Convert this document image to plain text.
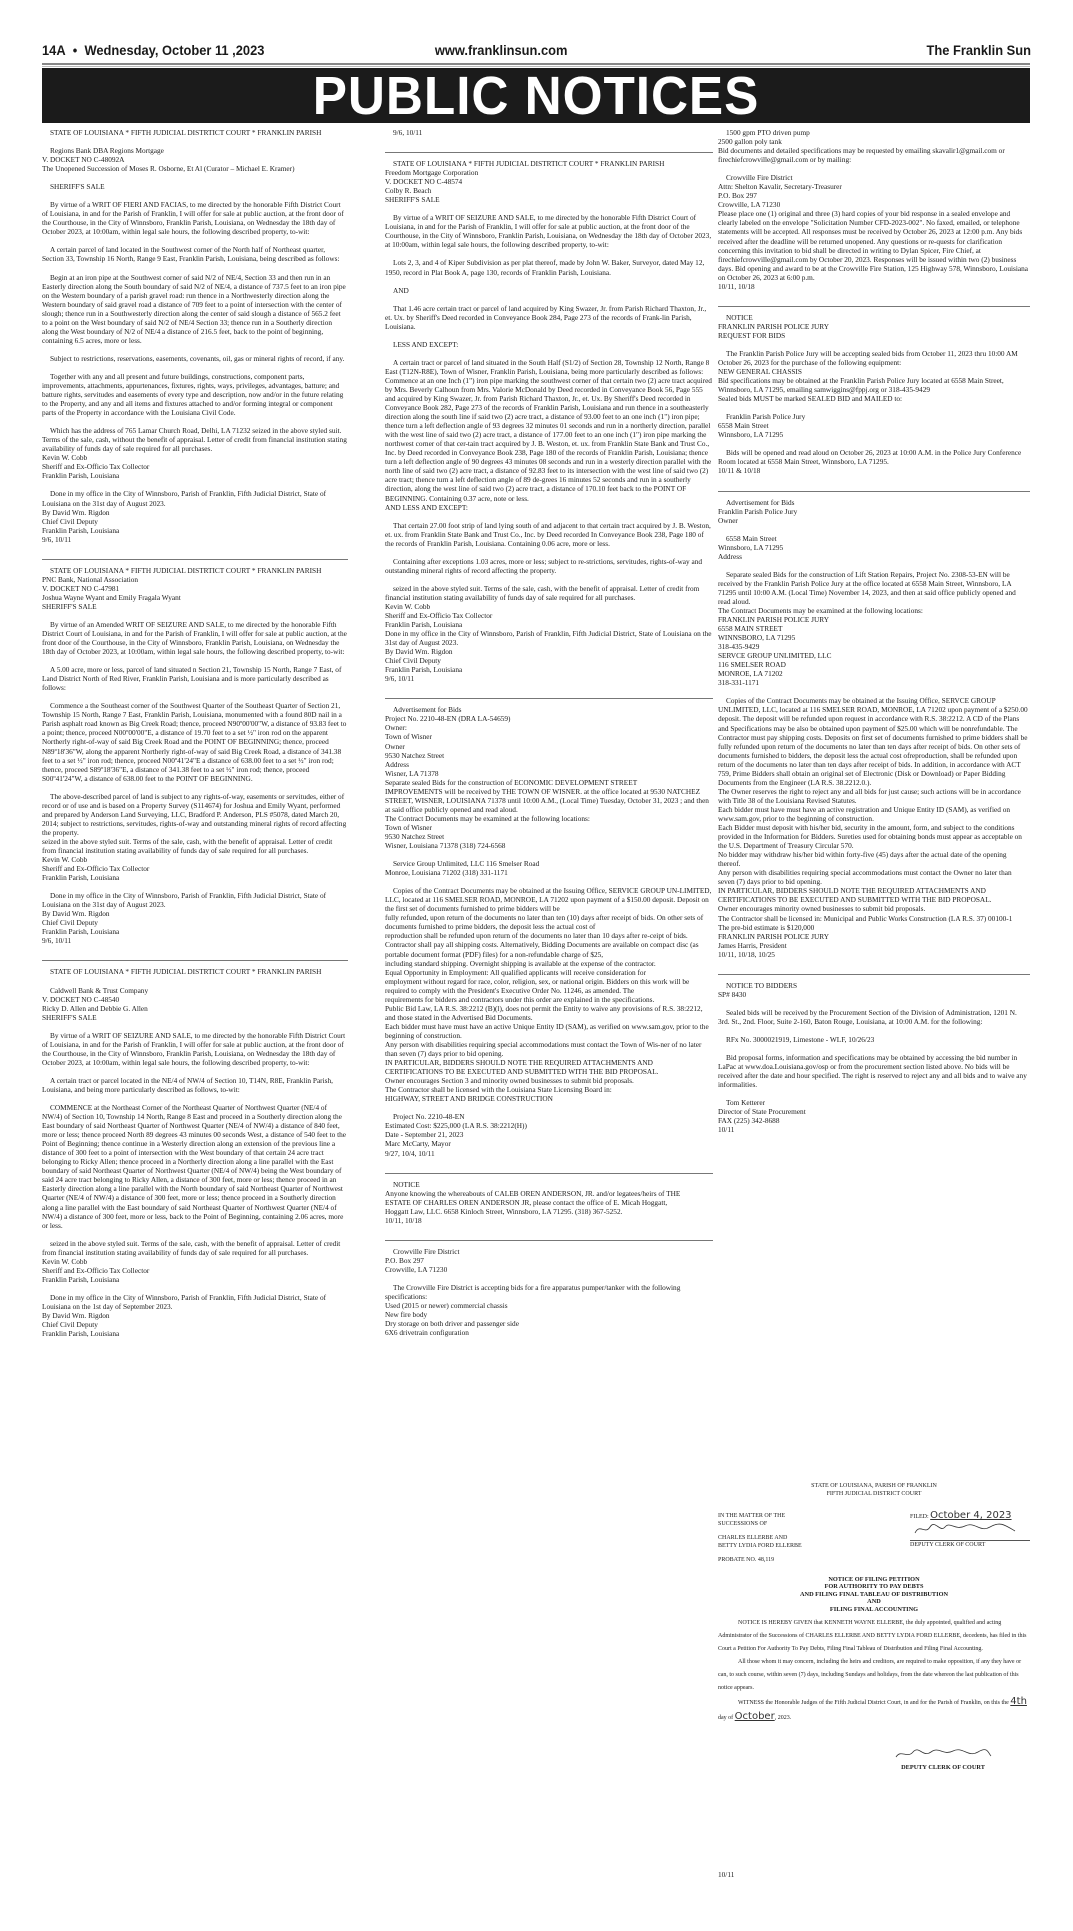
14A • Wednesday, October 11 ,2023	www.franklinsun.com	The Franklin Sun
PUBLIC NOTICES

STATE OF LOUISIANA * FIFTH JUDICIAL DISTRTICT COURT * FRANKLIN PARISH

Regions Bank DBA Regions Mortgage
V. DOCKET NO C-48092A
The Unopened Succession of Moses R. Osborne, Et Al (Curator – Michael E. Kramer)

SHERIFF'S SALE

By virtue of a WRIT OF FIERI AND FACIAS, to me directed by the honorable Fifth District Court of Louisiana, in and for the Parish of Franklin, I will offer for sale at public auction, at the front door of the Courthouse, in the City of Winnsboro, Franklin Parish, Louisiana, on Wednesday the 18th day of October 2023, at 10:00am, within legal sale hours, the following described property, to-wit:

A certain parcel of land located in the Southwest corner of the North half of Northeast quarter, Section 33, Township 16 North, Range 9 East, Franklin Parish, Louisiana, being described as follows:

Begin at an iron pipe at the Southwest corner of said N/2 of NE/4, Section 33 and then run in an Easterly direction along the South boundary of said N/2 of NE/4, a distance of 737.5 feet to an iron pipe on the Western boundary of a parish gravel road: run thence in a Northwesterly direction along the Western boundary of said gravel road a distance of 709 feet to a point of intersection with the center of slough; thence run in a Southwesterly direction along the center of said slough a distance of 565.2 feet to a point on the West boundary of said N/2 of NE/4 Section 33; thence run in a Southerly direction along the West boundary of N/2 of NE/4 a distance of 216.5 feet, back to the point of beginning, containing 6.5 acres, more or less.

Subject to restrictions, reservations, easements, covenants, oil, gas or mineral rights of record, if any.

Together with any and all present and future buildings, constructions, component parts, improvements, attachments, appurtenances, fixtures, rights, ways, privileges, advantages, batture; and batture rights, servitudes and easements of every type and description, now and/or in the future relating to the Property, and any and all items and fixtures attached to and/or forming integral or component parts of the Property in accordance with the Louisiana Civil Code.

Which has the address of 765 Lamar Church Road, Delhi, LA 71232 seized in the above styled suit. Terms of the sale, cash, without the benefit of appraisal. Letter of credit from financial institution stating availability of funds day of sale required for all purchases.
Kevin W. Cobb
Sheriff and Ex-Officio Tax Collector
Franklin Parish, Louisiana

Done in my office in the City of Winnsboro, Parish of Franklin, Fifth Judicial District, State of Louisiana on the 31st day of August 2023.
By David Wm. Rigdon
Chief Civil Deputy
Franklin Parish, Louisiana
9/6, 10/11

STATE OF LOUISIANA * FIFTH JUDICIAL DISTRTICT COURT * FRANKLIN PARISH
PNC Bank, National Association
V. DOCKET NO C-47981
Joshua Wayne Wyant and Emily Fragala Wyant
SHERIFF'S SALE

By virtue of an Amended WRIT OF SEIZURE AND SALE, to me directed by the honorable Fifth District Court of Louisiana, in and for the Parish of Franklin, I will offer for sale at public auction, at the front door of the Courthouse, in the City of Winnsboro, Franklin Parish, Louisiana, on Wednesday the 18th day of October 2023, at 10:00am, within legal sale hours, the following described property, to-wit:

A 5.00 acre, more or less, parcel of land situated n Section 21, Township 15 North, Range 7 East, of Land District North of Red River, Franklin Parish, Louisiana and is more particularly described as follows:

Commence a the Southeast corner of the Southwest Quarter of the Southeast Quarter of Section 21, Township 15 North, Range 7 East, Franklin Parish, Louisiana, monumented with a found 80D nail in a Parish asphalt road known as Big Creek Road; thence, proceed N90º00'00"W, a distance of 93.83 feet to a point; thence, proceed N00º00'00"E, a distance of 19.70 feet to a set ½" iron rod on the apparent Northerly right-of-way of said Big Creek Road and the POINT OF BEGINNING; thence, proceed N89º18'36"W, along the apparent Northerly right-of-way of said Big Creek Road, a distance of 341.38 feet to a set ½" iron rod; thence, proceed N00º41'24"E a distance of 638.00 feet to a set ½" iron rod; thence, proceed S89º18'36"E, a distance of 341.38 feet to a set ½" iron rod; thence, proceed S00º41'24"W, a distance of 638.00 feet to the POINT OF BEGINNING.

The above-described parcel of land is subject to any rights-of-way, easements or servitudes, either of record or of use and is based on a Property Survey (S114674) for Joshua and Emily Wyant, performed and prepared by Anderson Land Surveying, LLC, Bradford P. Anderson, PLS #5078, dated March 20, 2014; subject to restrictions, servitudes, rights-of-way and outstanding mineral rights of record affecting the property.
seized in the above styled suit. Terms of the sale, cash, with the benefit of appraisal. Letter of credit from financial institution stating availability of funds day of sale required for all purchases.
Kevin W. Cobb
Sheriff and Ex-Officio Tax Collector
Franklin Parish, Louisiana

Done in my office in the City of Winnsboro, Parish of Franklin, Fifth Judicial District, State of Louisiana on the 31st day of August 2023.
By David Wm. Rigdon
Chief Civil Deputy
Franklin Parish, Louisiana
9/6, 10/11

STATE OF LOUISIANA * FIFTH JUDICIAL DISTRTICT COURT * FRANKLIN PARISH

Caldwell Bank & Trust Company
V. DOCKET NO C-48540
Ricky D. Allen and Debbie G. Allen
SHERIFF'S SALE

By virtue of a WRIT OF SEIZURE AND SALE, to me directed by the honorable Fifth District Court of Louisiana, in and for the Parish of Franklin, I will offer for sale at public auction, at the front door of the Courthouse, in the City of Winnsboro, Franklin Parish, Louisiana, on Wednesday the 18th day of October 2023, at 10:00am, within legal sale hours, the following described property, to-wit:

A certain tract or parcel located in the NE/4 of NW/4 of Section 10, T14N, R8E, Franklin Parish, Louisiana, and being more particularly described as follows, to-wit:

COMMENCE at the Northeast Corner of the Northeast Quarter of Northwest Quarter (NE/4 of NW/4) of Section 10, Township 14 North, Range 8 East and proceed in a Southerly direction along the East boundary of said Northeast Quarter of Northwest Quarter (NE/4 of NW/4) a distance of 840 feet, more or less; thence proceed North 89 degrees 43 minutes 00 seconds West, a distance of 540 feet to the Point of Beginning; thence continue in a Westerly direction along an extension of the previous line a distance of 300 feet to a point of intersection with the West boundary of that certain 24 acre tract belonging to Ricky Allen; thence proceed in a Northerly direction along a line parallel with the East boundary of said Northeast Quarter of Northwest Quarter (NE/4 of NW/4) being the West boundary of said 24 acre tract belonging to Ricky Allen, a distance of 300 feet, more or less; thence proceed in an Easterly direction along a line parallel with the North boundary of said Northeast Quarter of Northwest Quarter (NE/4 of NW/4) a distance of 300 feet, more or less; thence proceed in a Southerly direction along a line parallel with the East boundary of said Northeast Quarter of Northwest Quarter (NE/4 of NW/4) a distance of 300 feet, more or less, back to the Point of Beginning, containing 2.06 acres, more or less.

seized in the above styled suit. Terms of the sale, cash, with the benefit of appraisal. Letter of credit from financial institution stating availability of funds day of sale required for all purchases.
Kevin W. Cobb
Sheriff and Ex-Officio Tax Collector
Franklin Parish, Louisiana

Done in my office in the City of Winnsboro, Parish of Franklin, Fifth Judicial District, State of Louisiana on the 1st day of September 2023.
By David Wm. Rigdon
Chief Civil Deputy
Franklin Parish, Louisiana

9/6, 10/11

STATE OF LOUISIANA * FIFTH JUDICIAL DISTRTICT COURT * FRANKLIN PARISH
Freedom Mortgage Corporation
V. DOCKET NO C-48574
Colby R. Beach
SHERIFF'S SALE

By virtue of a WRIT OF SEIZURE AND SALE, to me directed by the honorable Fifth District Court of Louisiana, in and for the Parish of Franklin, I will offer for sale at public auction, at the front door of the Courthouse, in the City of Winnsboro, Franklin Parish, Louisiana, on Wednesday the 18th day of October 2023, at 10:00am, within legal sale hours, the following described property, to-wit:

Lots 2, 3, and 4 of Kiper Subdivision as per plat thereof, made by John W. Baker, Surveyor, dated May 12, 1950, record in Plat Book A, page 130, records of Franklin Parish, Louisiana.

AND

That 1.46 acre certain tract or parcel of land acquired by King Swazer, Jr. from Parish Richard Thaxton, Jr., et. Ux. by Sheriff's Deed recorded in Conveyance Book 284, Page 273 of the records of Frank-lin Parish, Louisiana.

LESS AND EXCEPT:

A certain tract or parcel of land situated in the South Half (S1/2) of Section 28, Township 12 North, Range 8 East (T12N-R8E), Town of Wisner, Franklin Parish, Louisiana, being more particularly described as follows: Commence at an one Inch (1") iron pipe marking the southwest corner of that certain two (2) acre tract acquired by Mrs. Beverly Calhoun from Mrs. Valorie McDonald by Deed recorded in Conveyance Book 56, Page 555 and acquired by King Swazer, Jr. from Parish Richard Thaxton, Jr., et. Ux. By Sheriff's Deed recorded in Conveyance Book 282, Page 273 of the records of Franklin Parish, Louisiana and run thence in a southeasterly direction along the south line if said two (2) acre tract, a distance of 93.00 feet to an one inch (1") iron pipe; thence turn a left deflection angle of 93 degrees 32 minutes 01 seconds and run in a northerly direction, parallel with the west line of said two (2) acre tract, a distance of 177.00 feet to an one inch (1") iron pipe marking the northwest corner of that cer-tain tract acquired by J. B. Weston, et. ux. from Franklin State Bank and Trust Co., Inc. by Deed recorded in Conveyance Book 238, Page 180 of the records of Franklin Parish, Louisiana; thence turn a left deflection angle of 90 degrees 43 minutes 08 seconds and run in a westerly direction parallel with the north line of said two (2) acre tract, a distance of 92.83 feet to its intersection with the west line of said two (2) acre tract; thence turn a left deflection angle of 89 de-grees 16 minutes 52 seconds and run in a southerly direction, along the west line of said two (2) acre tract, a distance of 170.10 feet back to the POINT OF BEGINNING. Containing 0.37 acre, note or less.
AND LESS AND EXCEPT:

That certain 27.00 foot strip of land lying south of and adjacent to that certain tract acquired by J. B. Weston, et. ux. from Franklin State Bank and Trust Co., Inc. by Deed recorded In Conveyance Book 238, Page 180 of the records of Franklin Parish, Louisiana. Containing 0.06 acre, more or less.

Containing after exceptions 1.03 acres, more or less; subject to re-strictions, servitudes, rights-of-way and outstanding mineral rights of record affecting the property.

seized in the above styled suit. Terms of the sale, cash, with the benefit of appraisal. Letter of credit from financial institution stating availability of funds day of sale required for all purchases.
Kevin W. Cobb
Sheriff and Ex-Officio Tax Collector
Franklin Parish, Louisiana
Done in my office in the City of Winnsboro, Parish of Franklin, Fifth Judicial District, State of Louisiana on the 31st day of August 2023.
By David Wm. Rigdon
Chief Civil Deputy
Franklin Parish, Louisiana
9/6, 10/11

Advertisement for Bids
Project No. 2210-48-EN (DRA LA-54659)
Owner:
Town of Wisner
Owner
9530 Natchez Street
Address
Wisner, LA 71378
Separate sealed Bids for the construction of ECONOMIC DEVELOPMENT STREET
IMPROVEMENTS will be received by THE TOWN OF WISNER. at the office located at 9530 NATCHEZ STREET, WISNER, LOUISIANA 71378 until 10:00 A.M., (Local Time) Tuesday, October 31, 2023 ; and then at said office publicly opened and read aloud.
The Contract Documents may be examined at the following locations:
Town of Wisner
9530 Natchez Street
Wisner, Louisiana 71378 (318) 724-6568

Service Group Unlimited, LLC 116 Smelser Road
Monroe, Louisiana 71202 (318) 331-1171

Copies of the Contract Documents may be obtained at the Issuing Office, SERVICE GROUP UN-LIMITED, LLC, located at 116 SMELSER ROAD, MONROE, LA 71202 upon payment of a $150.00 deposit. Deposit on the first set of documents furnished to prime bidders will be
fully refunded, upon return of the documents no later than ten (10) days after receipt of bids. On other sets of documents furnished to prime bidders, the deposit less the actual cost of
reproduction shall be refunded upon return of the documents no later than 10 days after re-ceipt of bids. Contractor shall pay all shipping costs. Alternatively, Bidding Documents are available on compact disc (as portable document format (PDF) files) for a non-refundable charge of $25,
including standard shipping. Overnight shipping is available at the expense of the contractor.
Equal Opportunity in Employment: All qualified applicants will receive consideration for
employment without regard for race, color, religion, sex, or national origin. Bidders on this work will be required to comply with the President's Executive Order No. 11246, as amended. The
requirements for bidders and contractors under this order are explained in the specifications.
Public Bid Law, LA R.S. 38:2212 (B)(l), does not permit the Entity to waive any provisions of R.S. 38:2212, and those stated in the Advertised Bid Documents.
Each bidder must have must have an active Unique Entity ID (SAM), as verified on www.sam.gov, prior to the beginning of construction.
Any person with disabilities requiring special accommodations must contact the Town of Wis-ner of no later than seven (7) days prior to bid opening.
IN PARTICULAR, BIDDERS SHOULD NOTE THE REQUIRED ATTACHMENTS AND
CERTIFICATIONS TO BE EXECUTED AND SUBMITTED WITH THE BID PROPOSAL.
Owner encourages Section 3 and minority owned businesses to submit bid proposals.
The Contractor shall be licensed with the Louisiana State Licensing Board in:
HIGHWAY, STREET AND BRIDGE CONSTRUCTION

Project No. 2210-48-EN
Estimated Cost: $225,000 (LA R.S. 38:2212(H))
Date - September 21, 2023
Marc McCarty, Mayor
9/27, 10/4, 10/11

NOTICE
Anyone knowing the whereabouts of CALEB OREN ANDERSON, JR. and/or legatees/heirs of THE
ESTATE OF CHARLES OREN ANDERSON JR, please contact the office of E. Micah Hoggatt,
Hoggatt Law, LLC. 6658 Kinloch Street, Winnsboro, LA 71295. (318) 367-5252.
10/11, 10/18

Crowville Fire District
P.O. Box 297
Crowville, LA 71230

The Crowville Fire District is accepting bids for a fire apparatus pumper/tanker with the following specifications:
Used (2015 or newer) commercial chassis
New fire body
Dry storage on both driver and passenger side
6X6 drivetrain configuration

1500 gpm PTO driven pump
2500 gallon poly tank
Bid documents and detailed specifications may be requested by emailing skavalir1@gmail.com or firechiefcrowville@gmail.com or by mailing:

Crowville Fire District
Attn: Shelton Kavalir, Secretary-Treasurer
P.O. Box 297
Crowville, LA 71230
Please place one (1) original and three (3) hard copies of your bid response in a sealed envelope and clearly labeled on the envelope "Solicitation Number CFD-2023-002". No faxed, emailed, or telephone statements will be accepted. All responses must be received by October 26, 2023 at 12:00 p.m. Any bids received after the deadline will be returned unopened. Any questions or re-quests for clarification concerning this invitation to bid shall be directed in writing to Dylan Spicer, Fire Chief, at firechiefcrowville@gmail.com by October 20, 2023. Responses will be issued within two (2) business days. Bid opening and award to be at the Crowville Fire Station, 125 Highway 578, Winnsboro, Louisiana on October 26, 2023 at 6:00 p.m.
10/11, 10/18

NOTICE
FRANKLIN PARISH POLICE JURY
REQUEST FOR BIDS

The Franklin Parish Police Jury will be accepting sealed bids from October 11, 2023 thru 10:00 AM October 26, 2023 for the purchase of the following equipment:
NEW GENERAL CHASSIS
Bid specifications may be obtained at the Franklin Parish Police Jury located at 6558 Main Street, Winnsboro, LA 71295, emailing samwiggins@fppj.org or 318-435-9429
Sealed bids MUST be marked SEALED BID and MAILED to:

Franklin Parish Police Jury
6558 Main Street
Winnsboro, LA 71295

Bids will be opened and read aloud on October 26, 2023 at 10:00 A.M. in the Police Jury Conference Room located at 6558 Main Street, Winnsboro, LA 71295.
10/11 & 10/18

Advertisement for Bids
Franklin Parish Police Jury
Owner

6558 Main Street
Winnsboro, LA 71295
Address

Separate sealed Bids for the construction of Lift Station Repairs, Project No. 2308-53-EN will be received by the Franklin Parish Police Jury at the office located at 6558 Main Street, Winnsboro, LA 71295 until 10:00 A.M. (Local Time) November 14, 2023, and then at said office publicly opened and read aloud.
The Contract Documents may be examined at the following locations:
FRANKLIN PARISH POLICE JURY
6558 MAIN STREET
WINNSBORO, LA 71295
318-435-9429
SERVCE GROUP UNLIMITED, LLC
116 SMELSER ROAD
MONROE, LA 71202
318-331-1171

Copies of the Contract Documents may be obtained at the Issuing Office, SERVCE GROUP UNLIMITED, LLC, located at 116 SMELSER ROAD, MONROE, LA 71202 upon payment of a $250.00 deposit. The deposit will be refunded upon request in accordance with R.S. 38:2212. A CD of the Plans and Specifications may be also be obtained upon payment of $25.00 which will be nonrefundable. The Contractor must pay shipping costs. Deposits on first set of documents furnished to prime bidders shall be fully refunded upon return of the documents no later than ten days after receipt of bids. On other sets of documents furnished to bidders, the deposit less the actual cost ofreproduction, shall be refunded upon return of the documents no later than ten days after receipt of bids. In addition, in accordance with ACT 759, Prime Bidders shall obtain an original set of Electronic (Disk or Download) or Paper Bidding Documents from the Engineer (LA R.S. 38.2212.0.).
The Owner reserves the right to reject any and all bids for just cause; such actions will be in accordance with Title 38 of the Louisiana Revised Statutes.
Each bidder must have must have an active registration and Unique Entity ID (SAM), as verified on www.sam.gov, prior to the beginning of construction.
Each Bidder must deposit with his/her bid, security in the amount, form, and subject to the conditions provided in the Information for Bidders. Sureties used for obtaining bonds must appear as acceptable on the U.S. Department of Treasury Circular 570.
No bidder may withdraw his/her bid within forty-five (45) days after the actual date of the opening thereof.
Any person with disabilities requiring special accommodations must contact the Owner no later than seven (7) days prior to bid opening.
IN PARTICULAR, BIDDERS SHOULD NOTE THE REQUIRED ATTACHMENTS AND CERTIFICATIONS TO BE EXECUTED AND SUBMITTED WITH THE BID PROPOSAL.
Owner encourages minority owned businesses to submit bid proposals.
The Contractor shall be licensed in: Municipal and Public Works Construction (LA R.S. 37) 00100-1
The pre-bid estimate is $120,000
FRANKLIN PARISH POLICE JURY
James Harris, President
10/11, 10/18, 10/25

NOTICE TO BIDDERS
SP# 8430

Sealed bids will be received by the Procurement Section of the Division of Administration, 1201 N. 3rd. St., 2nd. Floor, Suite 2-160, Baton Rouge, Louisiana, at 10:00 A.M. for the following:

RFx No. 3000021919, Limestone - WLF, 10/26/23

Bid proposal forms, information and specifications may be obtained by accessing the bid number in LaPac at www.doa.Louisiana.gov/osp or from the procurement section listed above. No bids will be received after the date and hour specified. The right is reserved to reject any and all bids and to waive any informalities.

Tom Ketterer
Director of State Procurement
FAX (225) 342-8688
10/11

STATE OF LOUISIANA, PARISH OF FRANKLIN
FIFTH JUDICIAL DISTRICT COURT
IN THE MATTER OF THE
SUCCESSIONS OF
CHARLES ELLERBE AND
BETTY LYDIA FORD ELLERBE
PROBATE NO. 48,119
FILED: October 4, 2023
DEPUTY CLERK OF COURT
NOTICE OF FILING PETITION
FOR AUTHORITY TO PAY DEBTS
AND FILING FINAL TABLEAU OF DISTRIBUTION
AND
FILING FINAL ACCOUNTING

NOTICE IS HEREBY GIVEN that KENNETH WAYNE ELLERBE, the duly appointed, qualified and acting Administrator of the Successions of CHARLES ELLERBE AND BETTY LYDIA FORD ELLERBE, decedents, has filed in this Court a Petition For Authority To Pay Debts, Filing Final Tableau of Distribution and Filing Final Accounting.

All those whom it may concern, including the heirs and creditors, are required to make opposition, if any they have or can, to such course, within seven (7) days, including Sundays and holidays, from the date whereon the last publication of this notice appears.

WITNESS the Honorable Judges of the Fifth Judicial District Court, in and for the Parish of Franklin, on this the 4th day of October, 2023.

DEPUTY CLERK OF COURT
10/11
